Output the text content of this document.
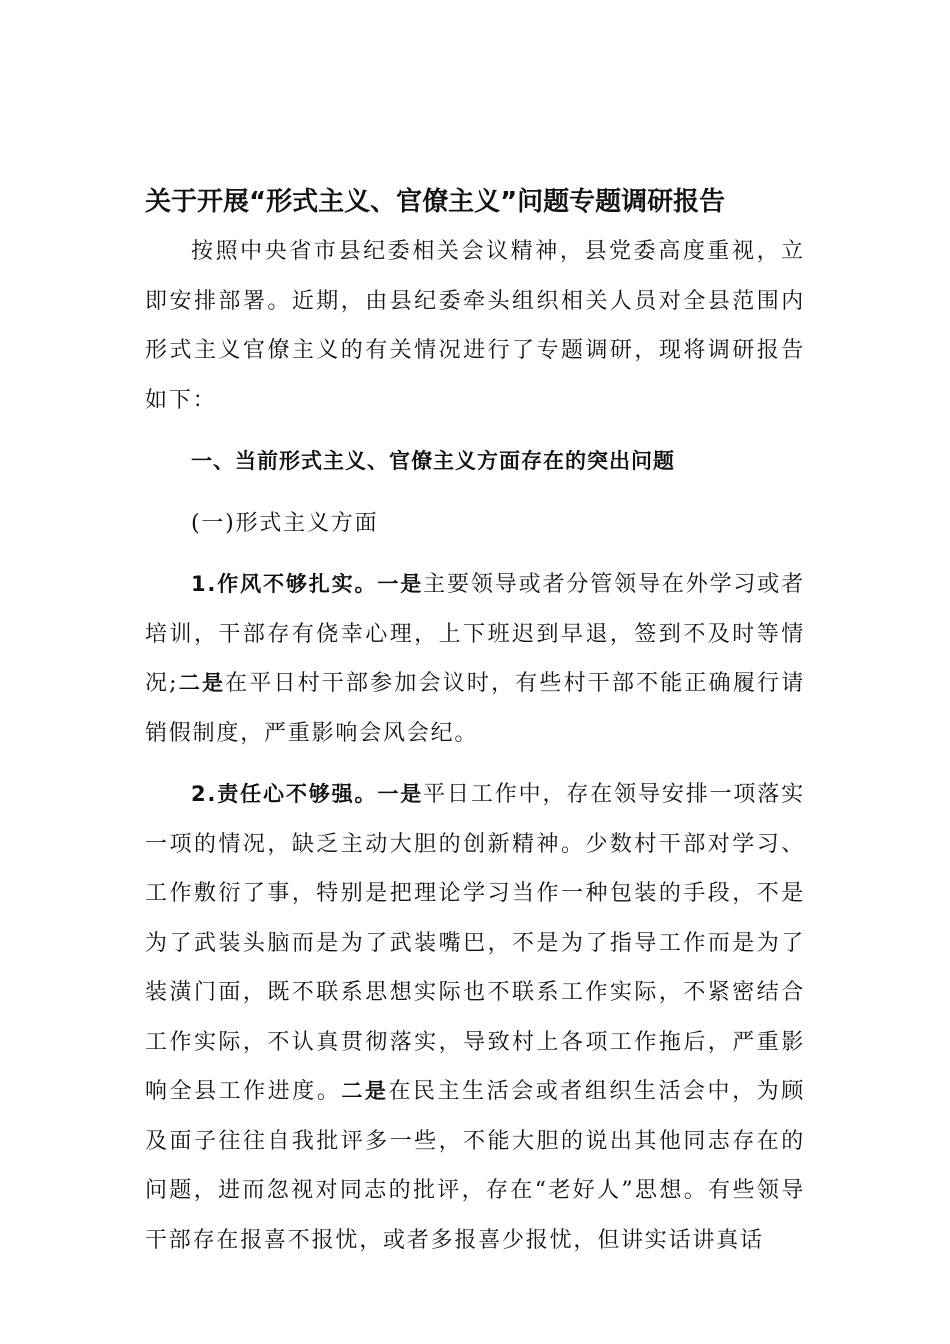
关于开展“形式主义、官僚主义”问题专题调研报告

按照中央省市县纪委相关会议精神，县党委高度重视，立即安排部署。近期，由县纪委牵头组织相关人员对全县范围内形式主义官僚主义的有关情况进行了专题调研，现将调研报告如下：

一、当前形式主义、官僚主义方面存在的突出问题

(一)形式主义方面

1.作风不够扎实。一是主要领导或者分管领导在外学习或者培训，干部存有侥幸心理，上下班迟到早退，签到不及时等情况;二是在平日村干部参加会议时，有些村干部不能正确履行请销假制度，严重影响会风会纪。

2.责任心不够强。一是平日工作中，存在领导安排一项落实一项的情况，缺乏主动大胆的创新精神。少数村干部对学习、工作敷衍了事，特别是把理论学习当作一种包装的手段，不是为了武装头脑而是为了武装嘴巴，不是为了指导工作而是为了装潢门面，既不联系思想实际也不联系工作实际，不紧密结合工作实际，不认真贯彻落实，导致村上各项工作拖后，严重影响全县工作进度。二是在民主生活会或者组织生活会中，为顾及面子往往自我批评多一些，不能大胆的说出其他同志存在的问题，进而忽视对同志的批评，存在“老好人”思想。有些领导干部存在报喜不报忧，或者多报喜少报忧，但讲实话讲真话
